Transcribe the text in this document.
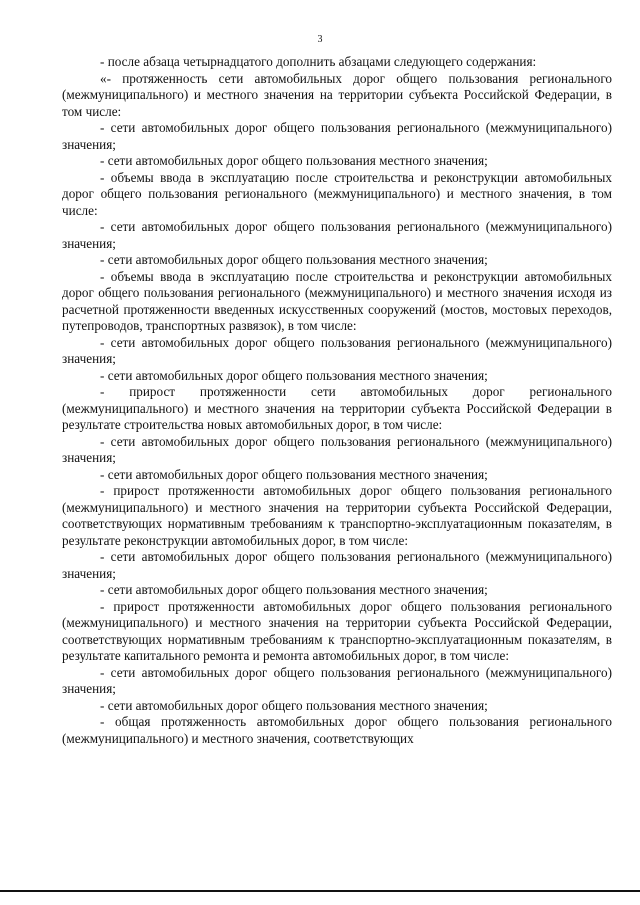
3

- после абзаца четырнадцатого дополнить абзацами следующего содержания:

«- протяженность сети автомобильных дорог общего пользования регионального (межмуниципального) и местного значения на территории субъекта Российской Федерации, в том числе:

- сети автомобильных дорог общего пользования регионального (межмуниципального) значения;

- сети автомобильных дорог общего пользования местного значения;

- объемы ввода в эксплуатацию после строительства и реконструкции автомобильных дорог общего пользования регионального (межмуниципального) и местного значения, в том числе:

- сети автомобильных дорог общего пользования регионального (межмуниципального) значения;

- сети автомобильных дорог общего пользования местного значения;

- объемы ввода в эксплуатацию после строительства и реконструкции автомобильных дорог общего пользования регионального (межмуниципального) и местного значения исходя из расчетной протяженности введенных искусственных сооружений (мостов, мостовых переходов, путепроводов, транспортных развязок), в том числе:

- сети автомобильных дорог общего пользования регионального (межмуниципального) значения;

- сети автомобильных дорог общего пользования местного значения;

- прирост протяженности сети автомобильных дорог регионального (межмуниципального) и местного значения на территории субъекта Российской Федерации в результате строительства новых автомобильных дорог, в том числе:

- сети автомобильных дорог общего пользования регионального (межмуниципального) значения;

- сети автомобильных дорог общего пользования местного значения;

- прирост протяженности автомобильных дорог общего пользования регионального (межмуниципального) и местного значения на территории субъекта Российской Федерации, соответствующих нормативным требованиям к транспортно-эксплуатационным показателям, в результате реконструкции автомобильных дорог, в том числе:

- сети автомобильных дорог общего пользования регионального (межмуниципального) значения;

- сети автомобильных дорог общего пользования местного значения;

- прирост протяженности автомобильных дорог общего пользования регионального (межмуниципального) и местного значения на территории субъекта Российской Федерации, соответствующих нормативным требованиям к транспортно-эксплуатационным показателям, в результате капитального ремонта и ремонта автомобильных дорог, в том числе:

- сети автомобильных дорог общего пользования регионального (межмуниципального) значения;

- сети автомобильных дорог общего пользования местного значения;

- общая протяженность автомобильных дорог общего пользования регионального (межмуниципального) и местного значения, соответствующих
